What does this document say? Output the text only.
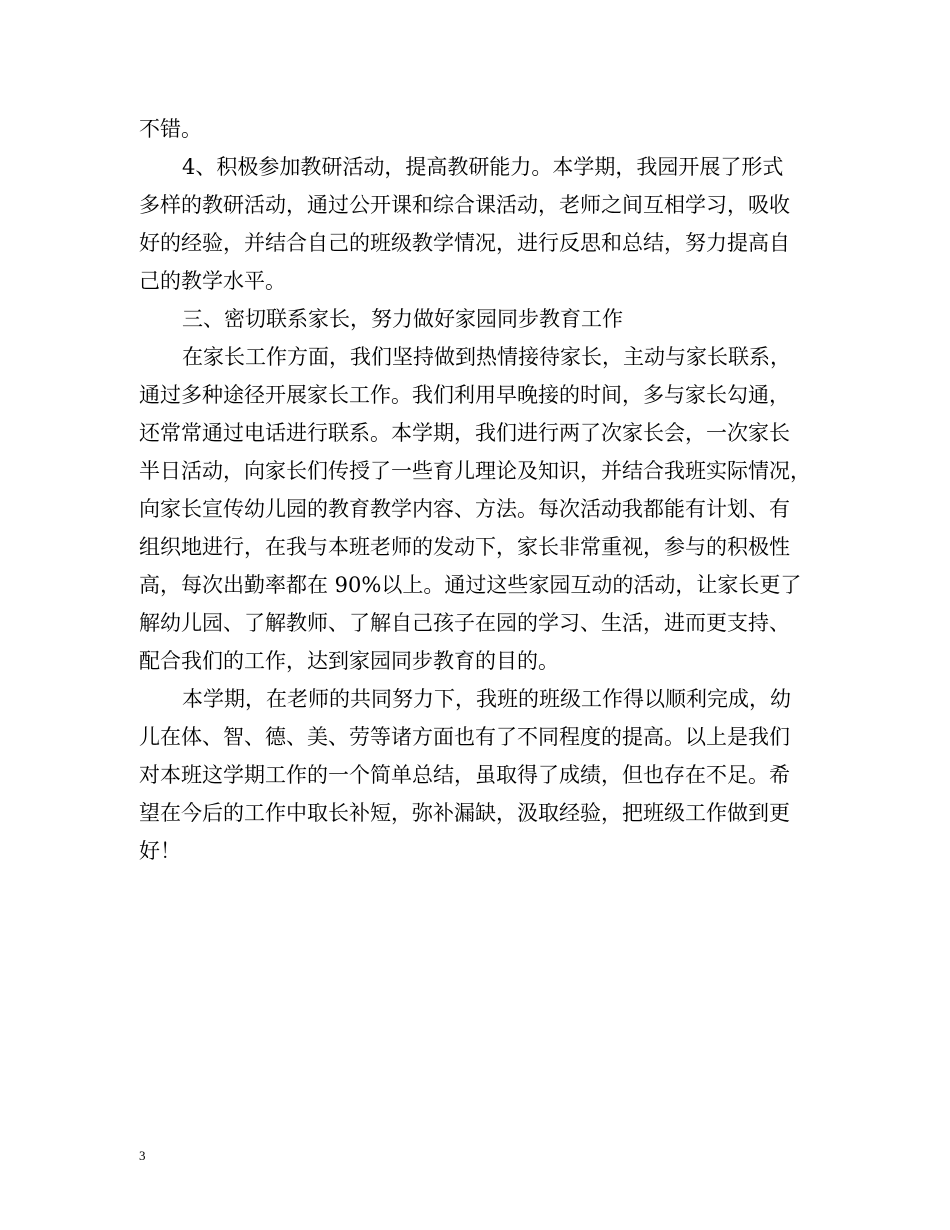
不错。
4、积极参加教研活动，提高教研能力。本学期，我园开展了形式
多样的教研活动，通过公开课和综合课活动，老师之间互相学习，吸收
好的经验，并结合自己的班级教学情况，进行反思和总结，努力提高自
己的教学水平。
三、密切联系家长，努力做好家园同步教育工作
在家长工作方面，我们坚持做到热情接待家长，主动与家长联系，
通过多种途径开展家长工作。我们利用早晚接的时间，多与家长勾通，
还常常通过电话进行联系。本学期，我们进行两了次家长会，一次家长
半日活动，向家长们传授了一些育儿理论及知识，并结合我班实际情况，
向家长宣传幼儿园的教育教学内容、方法。每次活动我都能有计划、有
组织地进行，在我与本班老师的发动下，家长非常重视，参与的积极性
高，每次出勤率都在 90%以上。通过这些家园互动的活动，让家长更了
解幼儿园、了解教师、了解自己孩子在园的学习、生活，进而更支持、
配合我们的工作，达到家园同步教育的目的。
本学期，在老师的共同努力下，我班的班级工作得以顺利完成，幼
儿在体、智、德、美、劳等诸方面也有了不同程度的提高。以上是我们
对本班这学期工作的一个简单总结，虽取得了成绩，但也存在不足。希
望在今后的工作中取长补短，弥补漏缺，汲取经验，把班级工作做到更
好！
3
